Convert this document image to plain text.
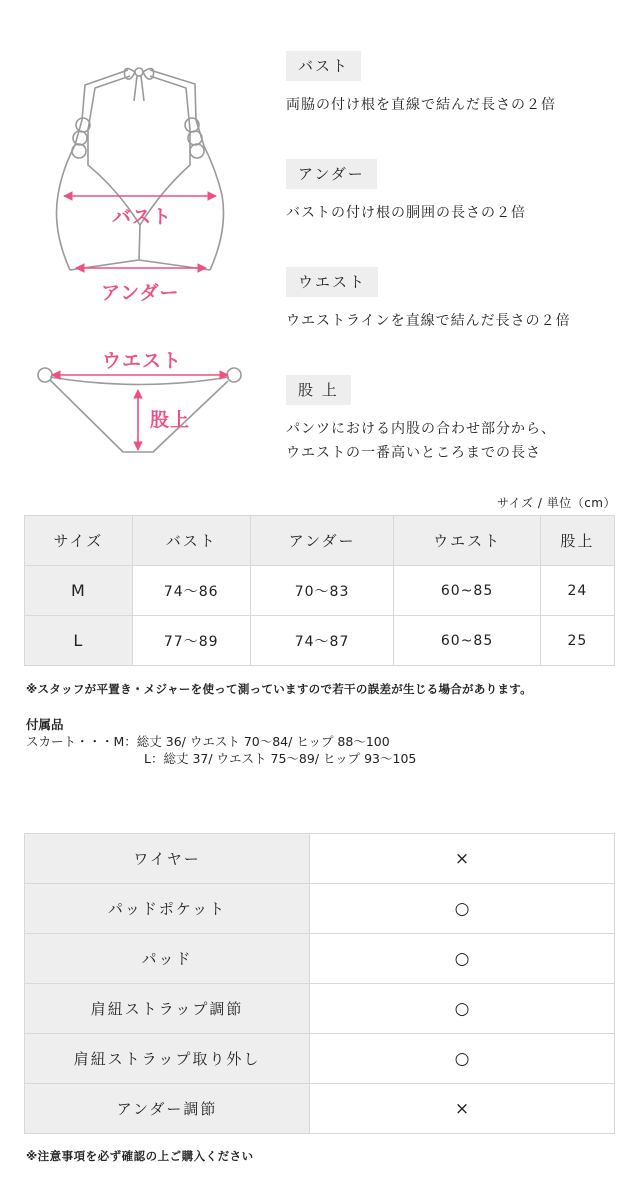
バスト
アンダー
ウエスト
股上
バスト
両脇の付け根を直線で結んだ長さの２倍
アンダー
バストの付け根の胴囲の長さの２倍
ウエスト
ウエストラインを直線で結んだ長さの２倍
股 上
パンツにおける内股の合わせ部分から、
ウエストの一番高いところまでの長さ
サイズ / 単位（cm）
サイズ	バスト	アンダー	ウエスト	股上
M	74〜86	70〜83	60~85	24
L	77〜89	74〜87	60~85	25
※スタッフが平置き・メジャーを使って測っていますので若干の誤差が生じる場合があります。
付属品
スカート・・・M：総丈 36/ ウエスト 70〜84/ ヒップ 88〜100
L：総丈 37/ ウエスト 75〜89/ ヒップ 93〜105
ワイヤー	×
パッドポケット	○
パッド	○
肩紐ストラップ調節	○
肩紐ストラップ取り外し	○
アンダー調節	×
※注意事項を必ず確認の上ご購入ください
